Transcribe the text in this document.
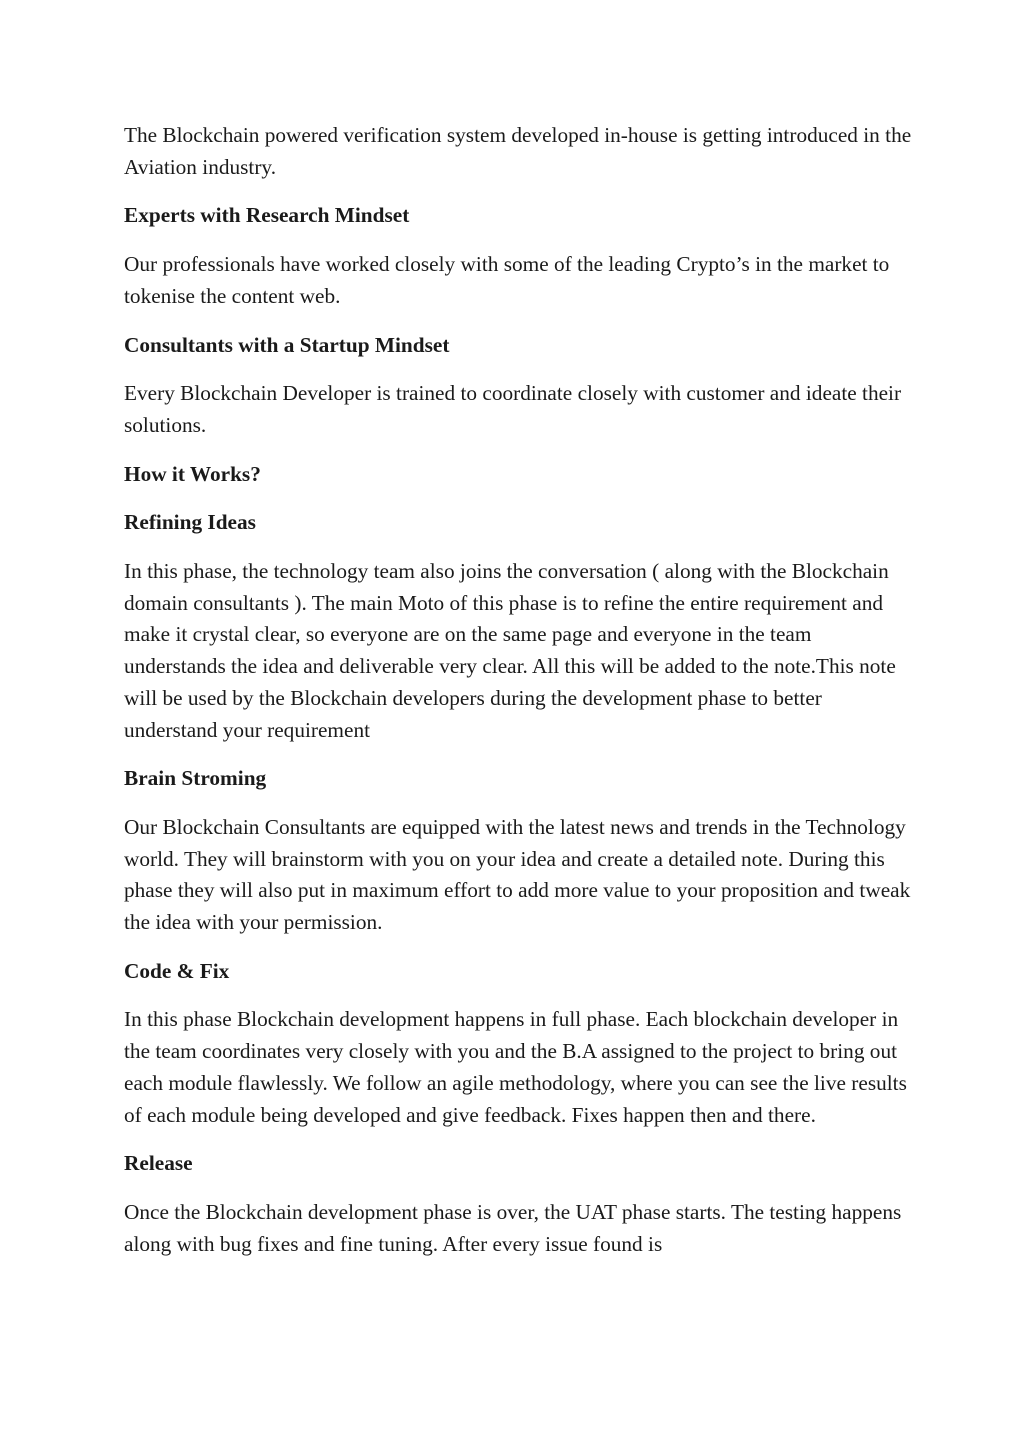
The Blockchain powered verification system developed in-house is getting introduced in the Aviation industry.

Experts with Research Mindset

Our professionals have worked closely with some of the leading Crypto’s in the market to tokenise the content web.

Consultants with a Startup Mindset

Every Blockchain Developer is trained to coordinate closely with customer and ideate their solutions.

How it Works?
Refining Ideas

In this phase, the technology team also joins the conversation ( along with the Blockchain domain consultants ). The main Moto of this phase is to refine the entire requirement and make it crystal clear, so everyone are on the same page and everyone in the team understands the idea and deliverable very clear. All this will be added to the note.This note will be used by the Blockchain developers during the development phase to better understand your requirement

Brain Stroming

Our Blockchain Consultants are equipped with the latest news and trends in the Technology world. They will brainstorm with you on your idea and create a detailed note. During this phase they will also put in maximum effort to add more value to your proposition and tweak the idea with your permission.

Code & Fix

In this phase Blockchain development happens in full phase. Each blockchain developer in the team coordinates very closely with you and the B.A assigned to the project to bring out each module flawlessly. We follow an agile methodology, where you can see the live results of each module being developed and give feedback. Fixes happen then and there.

Release

Once the Blockchain development phase is over, the UAT phase starts. The testing happens along with bug fixes and fine tuning. After every issue found is
